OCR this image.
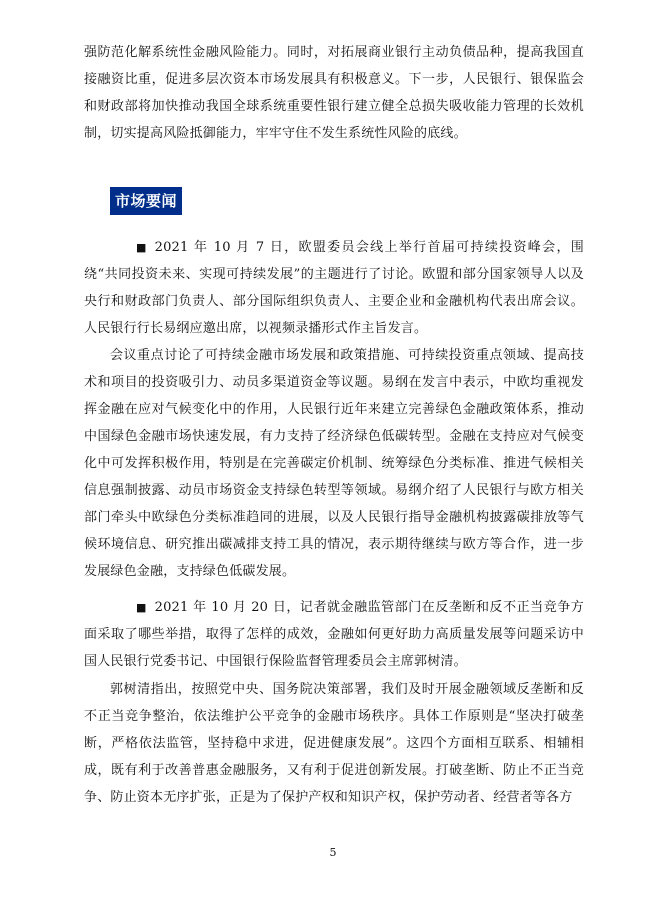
强防范化解系统性金融风险能力。同时，对拓展商业银行主动负债品种，提高我国直接融资比重，促进多层次资本市场发展具有积极意义。下一步，人民银行、银保监会和财政部将加快推动我国全球系统重要性银行建立健全总损失吸收能力管理的长效机制，切实提高风险抵御能力，牢牢守住不发生系统性风险的底线。

市场要闻

■ 2021 年 10 月 7 日，欧盟委员会线上举行首届可持续投资峰会，围绕“共同投资未来、实现可持续发展”的主题进行了讨论。欧盟和部分国家领导人以及央行和财政部门负责人、部分国际组织负责人、主要企业和金融机构代表出席会议。人民银行行长易纲应邀出席，以视频录播形式作主旨发言。

会议重点讨论了可持续金融市场发展和政策措施、可持续投资重点领域、提高技术和项目的投资吸引力、动员多渠道资金等议题。易纲在发言中表示，中欧均重视发挥金融在应对气候变化中的作用，人民银行近年来建立完善绿色金融政策体系，推动中国绿色金融市场快速发展，有力支持了经济绿色低碳转型。金融在支持应对气候变化中可发挥积极作用，特别是在完善碳定价机制、统筹绿色分类标准、推进气候相关信息强制披露、动员市场资金支持绿色转型等领域。易纲介绍了人民银行与欧方相关部门牵头中欧绿色分类标准趋同的进展，以及人民银行指导金融机构披露碳排放等气候环境信息、研究推出碳减排支持工具的情况，表示期待继续与欧方等合作，进一步发展绿色金融，支持绿色低碳发展。

■ 2021 年 10 月 20 日，记者就金融监管部门在反垄断和反不正当竞争方面采取了哪些举措，取得了怎样的成效，金融如何更好助力高质量发展等问题采访中国人民银行党委书记、中国银行保险监督管理委员会主席郭树清。

郭树清指出，按照党中央、国务院决策部署，我们及时开展金融领域反垄断和反不正当竞争整治，依法维护公平竞争的金融市场秩序。具体工作原则是“坚决打破垄断，严格依法监管，坚持稳中求进，促进健康发展”。这四个方面相互联系、相辅相成，既有利于改善普惠金融服务，又有利于促进创新发展。打破垄断、防止不正当竞争、防止资本无序扩张，正是为了保护产权和知识产权，保护劳动者、经营者等各方

5
